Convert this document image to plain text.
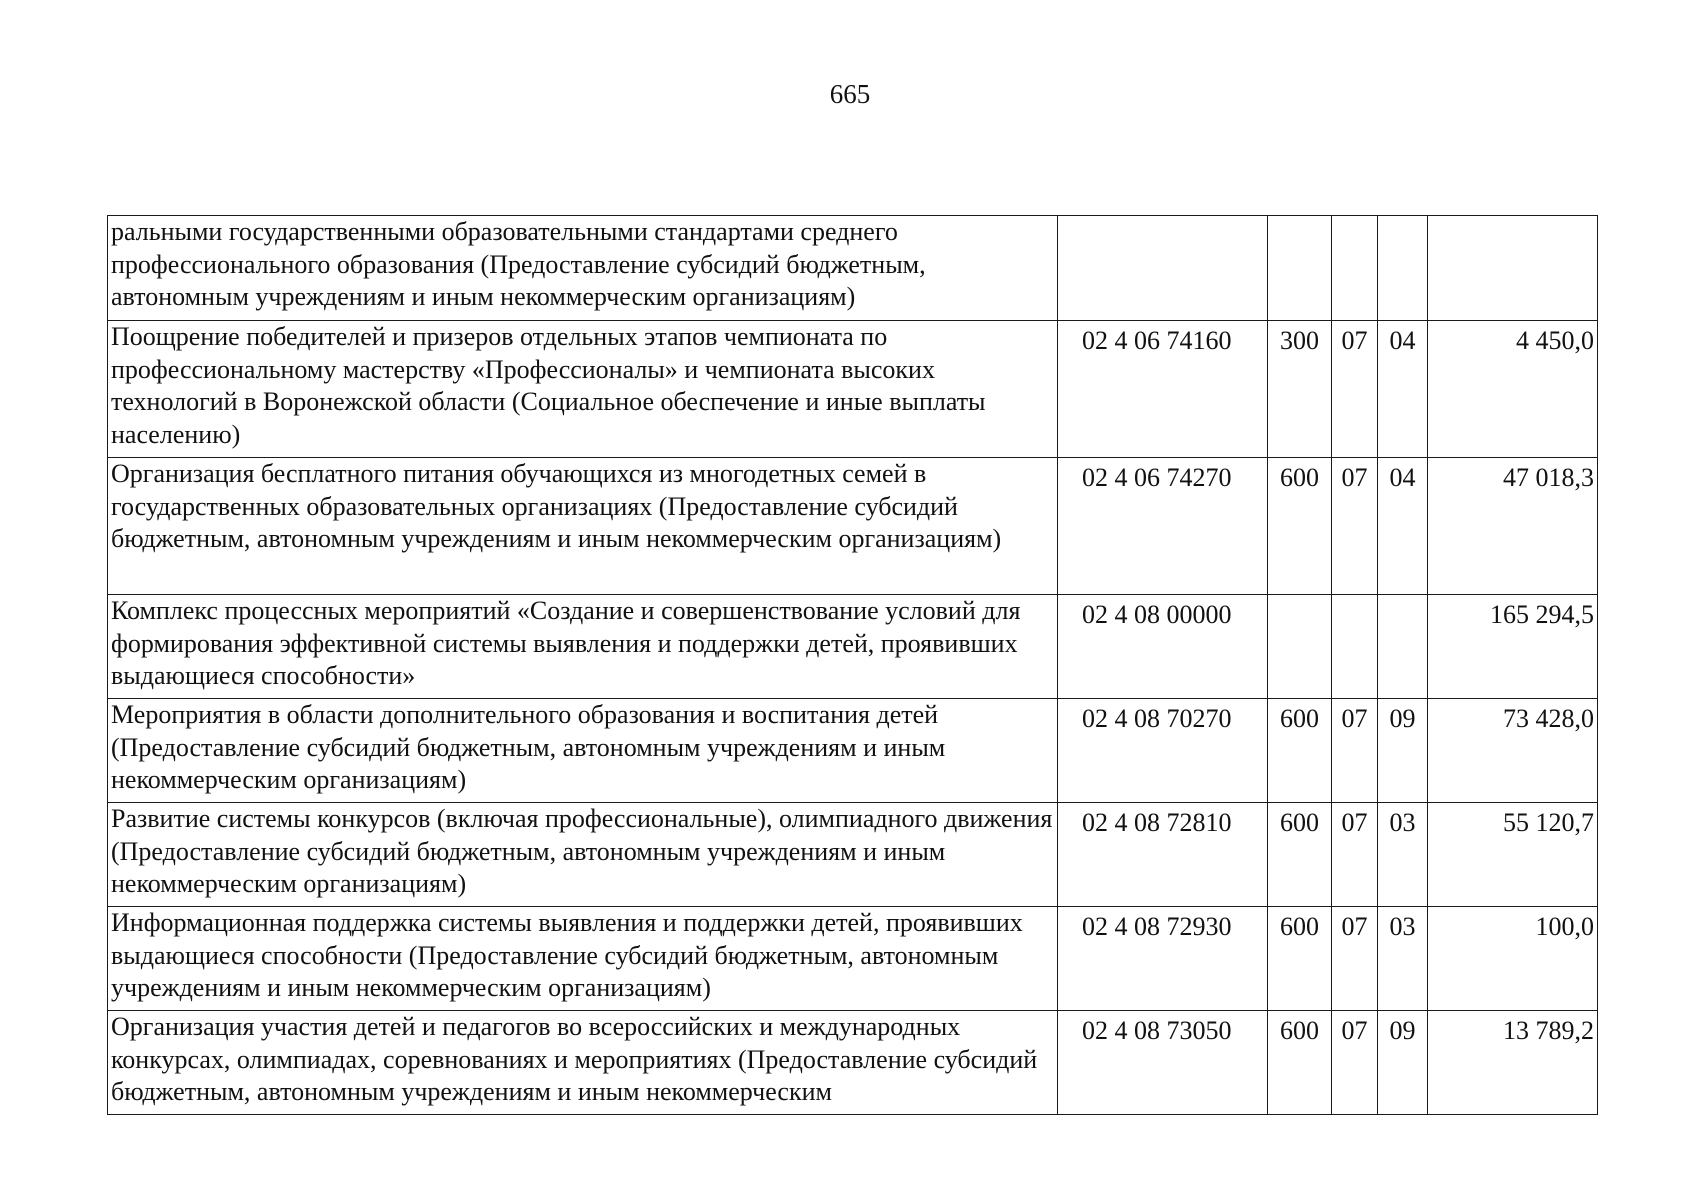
665
ральными государственными образовательными стандартами среднего профессионального образования (Предоставление субсидий бюджетным, автономным учреждениям и иным некоммерческим организациям)					
Поощрение победителей и призеров отдельных этапов чемпионата по профессиональному мастерству «Профессионалы» и чемпионата высоких технологий в Воронежской области (Социальное обеспечение и иные выплаты населению)	02 4 06 74160	300	07	04	4 450,0
Организация бесплатного питания обучающихся из многодетных семей в государственных образовательных организациях (Предоставление субсидий бюджетным, автономным учреждениям и иным некоммерческим организациям)	02 4 06 74270	600	07	04	47 018,3
Комплекс процессных мероприятий «Создание и совершенствование условий для формирования эффективной системы выявления и поддержки детей, проявивших выдающиеся способности»	02 4 08 00000				165 294,5
Мероприятия в области дополнительного образования и воспитания детей (Предоставление субсидий бюджетным, автономным учреждениям и иным некоммерческим организациям)	02 4 08 70270	600	07	09	73 428,0
Развитие системы конкурсов (включая профессиональные), олимпиадного движения (Предоставление субсидий бюджетным, автономным учреждениям и иным некоммерческим организациям)	02 4 08 72810	600	07	03	55 120,7
Информационная поддержка системы выявления и поддержки детей, проявивших выдающиеся способности (Предоставление субсидий бюджетным, автономным учреждениям и иным некоммерческим организациям)	02 4 08 72930	600	07	03	100,0
Организация участия детей и педагогов во всероссийских и международных конкурсах, олимпиадах, соревнованиях и мероприятиях (Предоставление субсидий бюджетным, автономным учреждениям и иным некоммерческим	02 4 08 73050	600	07	09	13 789,2
